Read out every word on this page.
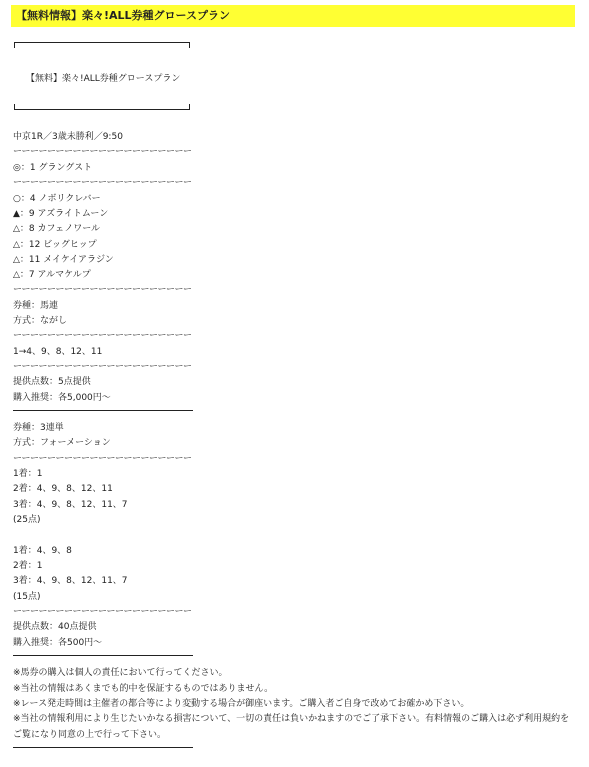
【無料情報】楽々!ALL券種グロースプラン
【無料】楽々!ALL券種グロースプラン
中京1R／3歳未勝利／9:50
ーーーーーーーーーーーーーーーーーーーーー
◎：1 グラングスト
ーーーーーーーーーーーーーーーーーーーーー
○：4 ノボリクレバー
▲：9 アズライトムーン
△：8 カフェノワール
△：12 ビッグヒップ
△：11 メイケイアラジン
△：7 アルマケルプ
ーーーーーーーーーーーーーーーーーーーーー
券種：馬連
方式：ながし
ーーーーーーーーーーーーーーーーーーーーー
1→4、9、8、12、11
ーーーーーーーーーーーーーーーーーーーーー
提供点数：5点提供
購入推奨：各5,000円〜
券種：3連単
方式：フォーメーション
ーーーーーーーーーーーーーーーーーーーーー
1着：1
2着：4、9、8、12、11
3着：4、9、8、12、11、7
(25点)
1着：4、9、8
2着：1
3着：4、9、8、12、11、7
(15点)
ーーーーーーーーーーーーーーーーーーーーー
提供点数：40点提供
購入推奨：各500円〜
※馬券の購入は個人の責任において行ってください。
※当社の情報はあくまでも的中を保証するものではありません。
※レース発走時間は主催者の都合等により変動する場合が御座います。ご購入者ご自身で改めてお確かめ下さい。
※当社の情報利用により生じたいかなる損害について、一切の責任は負いかねますのでご了承下さい。有料情報のご購入は必ず利用規約を
ご覧になり同意の上で行って下さい。
